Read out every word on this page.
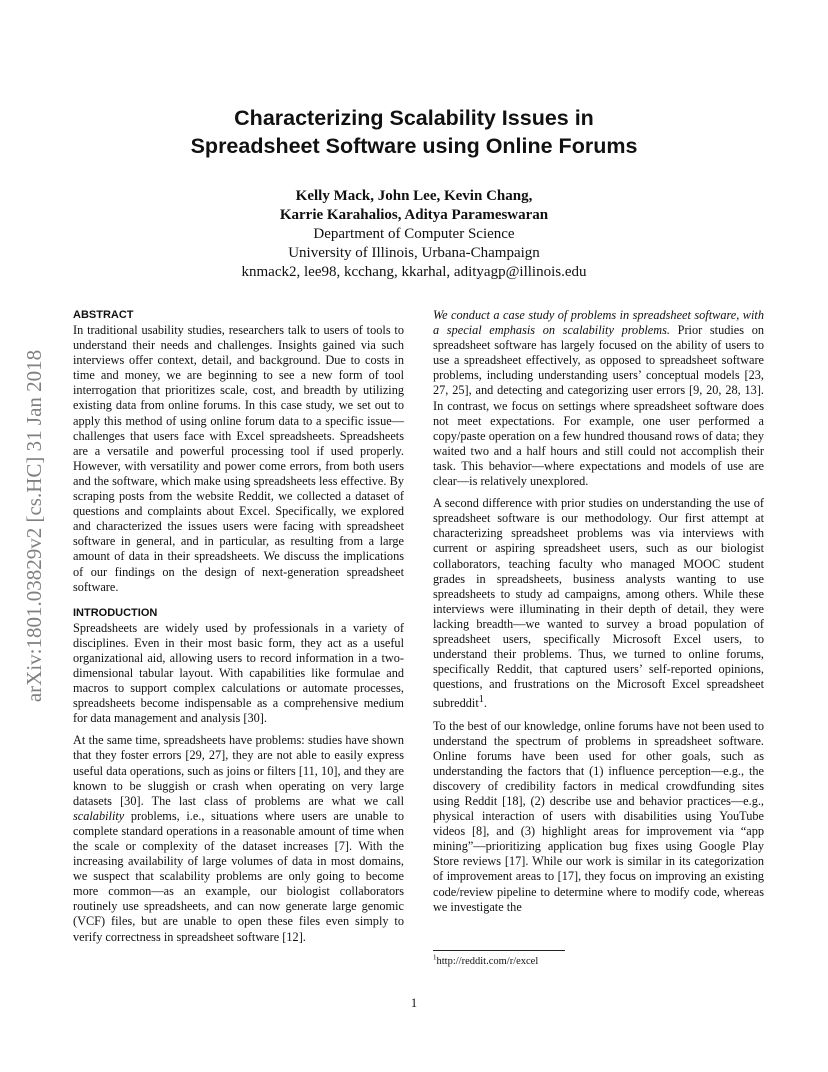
Characterizing Scalability Issues in
Spreadsheet Software using Online Forums
Kelly Mack, John Lee, Kevin Chang,
Karrie Karahalios, Aditya Parameswaran
Department of Computer Science
University of Illinois, Urbana-Champaign
knmack2, lee98, kcchang, kkarhal, adityagp@illinois.edu
arXiv:1801.03829v2 [cs.HC] 31 Jan 2018
ABSTRACT

In traditional usability studies, researchers talk to users of tools to understand their needs and challenges. Insights gained via such interviews offer context, detail, and background. Due to costs in time and money, we are beginning to see a new form of tool interrogation that prioritizes scale, cost, and breadth by utilizing existing data from online forums. In this case study, we set out to apply this method of using online forum data to a specific issue—challenges that users face with Excel spreadsheets. Spreadsheets are a versatile and powerful processing tool if used properly. However, with versatility and power come errors, from both users and the software, which make using spreadsheets less effective. By scraping posts from the website Reddit, we collected a dataset of questions and complaints about Excel. Specifically, we explored and characterized the issues users were facing with spreadsheet software in general, and in particular, as resulting from a large amount of data in their spreadsheets. We discuss the implications of our findings on the design of next-generation spreadsheet software.

INTRODUCTION

Spreadsheets are widely used by professionals in a variety of disciplines. Even in their most basic form, they act as a useful organizational aid, allowing users to record information in a two-dimensional tabular layout. With capabilities like formulae and macros to support complex calculations or automate processes, spreadsheets become indispensable as a comprehensive medium for data management and analysis [30].

At the same time, spreadsheets have problems: studies have shown that they foster errors [29, 27], they are not able to easily express useful data operations, such as joins or filters [11, 10], and they are known to be sluggish or crash when operating on very large datasets [30]. The last class of problems are what we call scalability problems, i.e., situations where users are unable to complete standard operations in a reasonable amount of time when the scale or complexity of the dataset increases [7]. With the increasing availability of large volumes of data in most domains, we suspect that scalability problems are only going to become more common—as an example, our biologist collaborators routinely use spreadsheets, and can now generate large genomic (VCF) files, but are unable to open these files even simply to verify correctness in spreadsheet software [12].

We conduct a case study of problems in spreadsheet software, with a special emphasis on scalability problems. Prior studies on spreadsheet software has largely focused on the ability of users to use a spreadsheet effectively, as opposed to spreadsheet software problems, including understanding users’ conceptual models [23, 27, 25], and detecting and categorizing user errors [9, 20, 28, 13]. In contrast, we focus on settings where spreadsheet software does not meet expectations. For example, one user performed a copy/paste operation on a few hundred thousand rows of data; they waited two and a half hours and still could not accomplish their task. This behavior—where expectations and models of use are clear—is relatively unexplored.

A second difference with prior studies on understanding the use of spreadsheet software is our methodology. Our first attempt at characterizing spreadsheet problems was via interviews with current or aspiring spreadsheet users, such as our biologist collaborators, teaching faculty who managed MOOC student grades in spreadsheets, business analysts wanting to use spreadsheets to study ad campaigns, among others. While these interviews were illuminating in their depth of detail, they were lacking breadth—we wanted to survey a broad population of spreadsheet users, specifically Microsoft Excel users, to understand their problems. Thus, we turned to online forums, specifically Reddit, that captured users’ self-reported opinions, questions, and frustrations on the Microsoft Excel spreadsheet subreddit$^1$.

To the best of our knowledge, online forums have not been used to understand the spectrum of problems in spreadsheet software. Online forums have been used for other goals, such as understanding the factors that (1) influence perception—e.g., the discovery of credibility factors in medical crowdfunding sites using Reddit [18], (2) describe use and behavior practices—e.g., physical interaction of users with disabilities using YouTube videos [8], and (3) highlight areas for improvement via “app mining”—prioritizing application bug fixes using Google Play Store reviews [17]. While our work is similar in its categorization of improvement areas to [17], they focus on improving an existing code/review pipeline to determine where to modify code, whereas we investigate the

$^1$http://reddit.com/r/excel
1
